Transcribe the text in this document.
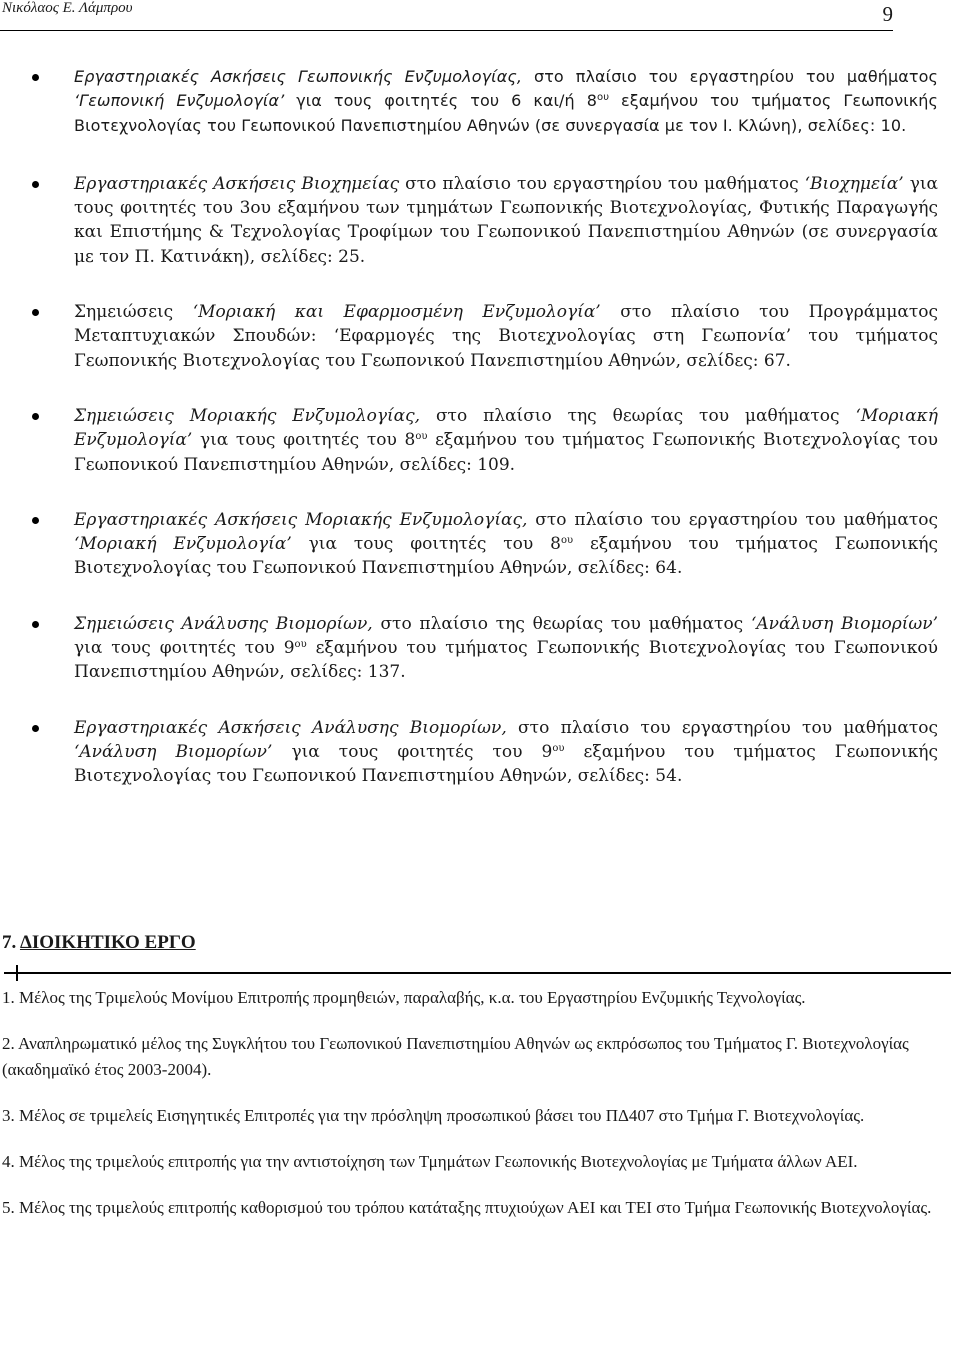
Νικόλαος Ε. Λάμπρου	9
Εργαστηριακές Ασκήσεις Γεωπονικής Ενζυμολογίας, στο πλαίσιο του εργαστηρίου του μαθήματος ‘Γεωπονική Ενζυμολογία’ για τους φοιτητές του 6 και/ή $8^{o\upsilon}$ εξαμήνου του τμήματος Γεωπονικής Βιοτεχνολογίας του Γεωπονικού Πανεπιστημίου Αθηνών (σε συνεργασία με τον Ι. Κλώνη), σελίδες: 10.
Εργαστηριακές Ασκήσεις Βιοχημείας στο πλαίσιο του εργαστηρίου του μαθήματος ‘Βιοχημεία’ για τους φοιτητές του 3ου εξαμήνου των τμημάτων Γεωπονικής Βιοτεχνολογίας, Φυτικής Παραγωγής και Επιστήμης & Τεχνολογίας Τροφίμων του Γεωπονικού Πανεπιστημίου Αθηνών (σε συνεργασία με τον Π. Κατινάκη), σελίδες: 25.
Σημειώσεις ‘Μοριακή και Εφαρμοσμένη Ενζυμολογία’ στο πλαίσιο του Προγράμματος Μεταπτυχιακών Σπουδών: ‘Εφαρμογές της Βιοτεχνολογίας στη Γεωπονία’ του τμήματος Γεωπονικής Βιοτεχνολογίας του Γεωπονικού Πανεπιστημίου Αθηνών, σελίδες: 67.
Σημειώσεις Μοριακής Ενζυμολογίας, στο πλαίσιο της θεωρίας του μαθήματος ‘Μοριακή Ενζυμολογία’ για τους φοιτητές του $8^{o\upsilon}$ εξαμήνου του τμήματος Γεωπονικής Βιοτεχνολογίας του Γεωπονικού Πανεπιστημίου Αθηνών, σελίδες: 109.
Εργαστηριακές Ασκήσεις Μοριακής Ενζυμολογίας, στο πλαίσιο του εργαστηρίου του μαθήματος ‘Μοριακή Ενζυμολογία’ για τους φοιτητές του $8^{o\upsilon}$ εξαμήνου του τμήματος Γεωπονικής Βιοτεχνολογίας του Γεωπονικού Πανεπιστημίου Αθηνών, σελίδες: 64.
Σημειώσεις Ανάλυσης Βιομορίων, στο πλαίσιο της θεωρίας του μαθήματος ‘Ανάλυση Βιομορίων’ για τους φοιτητές του $9^{o\upsilon}$ εξαμήνου του τμήματος Γεωπονικής Βιοτεχνολογίας του Γεωπονικού Πανεπιστημίου Αθηνών, σελίδες: 137.
Εργαστηριακές Ασκήσεις Ανάλυσης Βιομορίων, στο πλαίσιο του εργαστηρίου του μαθήματος ‘Ανάλυση Βιομορίων’ για τους φοιτητές του $9^{o\upsilon}$ εξαμήνου του τμήματος Γεωπονικής Βιοτεχνολογίας του Γεωπονικού Πανεπιστημίου Αθηνών, σελίδες: 54.
7. ΔΙΟΙΚΗΤΙΚΟ ΕΡΓΟ
1. Μέλος της Τριμελούς Μονίμου Επιτροπής προμηθειών, παραλαβής, κ.α. του Εργαστηρίου Ενζυμικής Τεχνολογίας.
2. Αναπληρωματικό μέλος της Συγκλήτου του Γεωπονικού Πανεπιστημίου Αθηνών ως εκπρόσωπος του Τμήματος Γ. Βιοτεχνολογίας (ακαδημαϊκό έτος 2003-2004).
3. Μέλος σε τριμελείς Εισηγητικές Επιτροπές για την πρόσληψη προσωπικού βάσει του ΠΔ407 στο Τμήμα Γ. Βιοτεχνολογίας.
4. Μέλος της τριμελούς επιτροπής για την αντιστοίχηση των Τμημάτων Γεωπονικής Βιοτεχνολογίας με Τμήματα άλλων ΑΕΙ.
5. Μέλος της τριμελούς επιτροπής καθορισμού του τρόπου κατάταξης πτυχιούχων ΑΕΙ και ΤΕΙ στο Τμήμα Γεωπονικής Βιοτεχνολογίας.
